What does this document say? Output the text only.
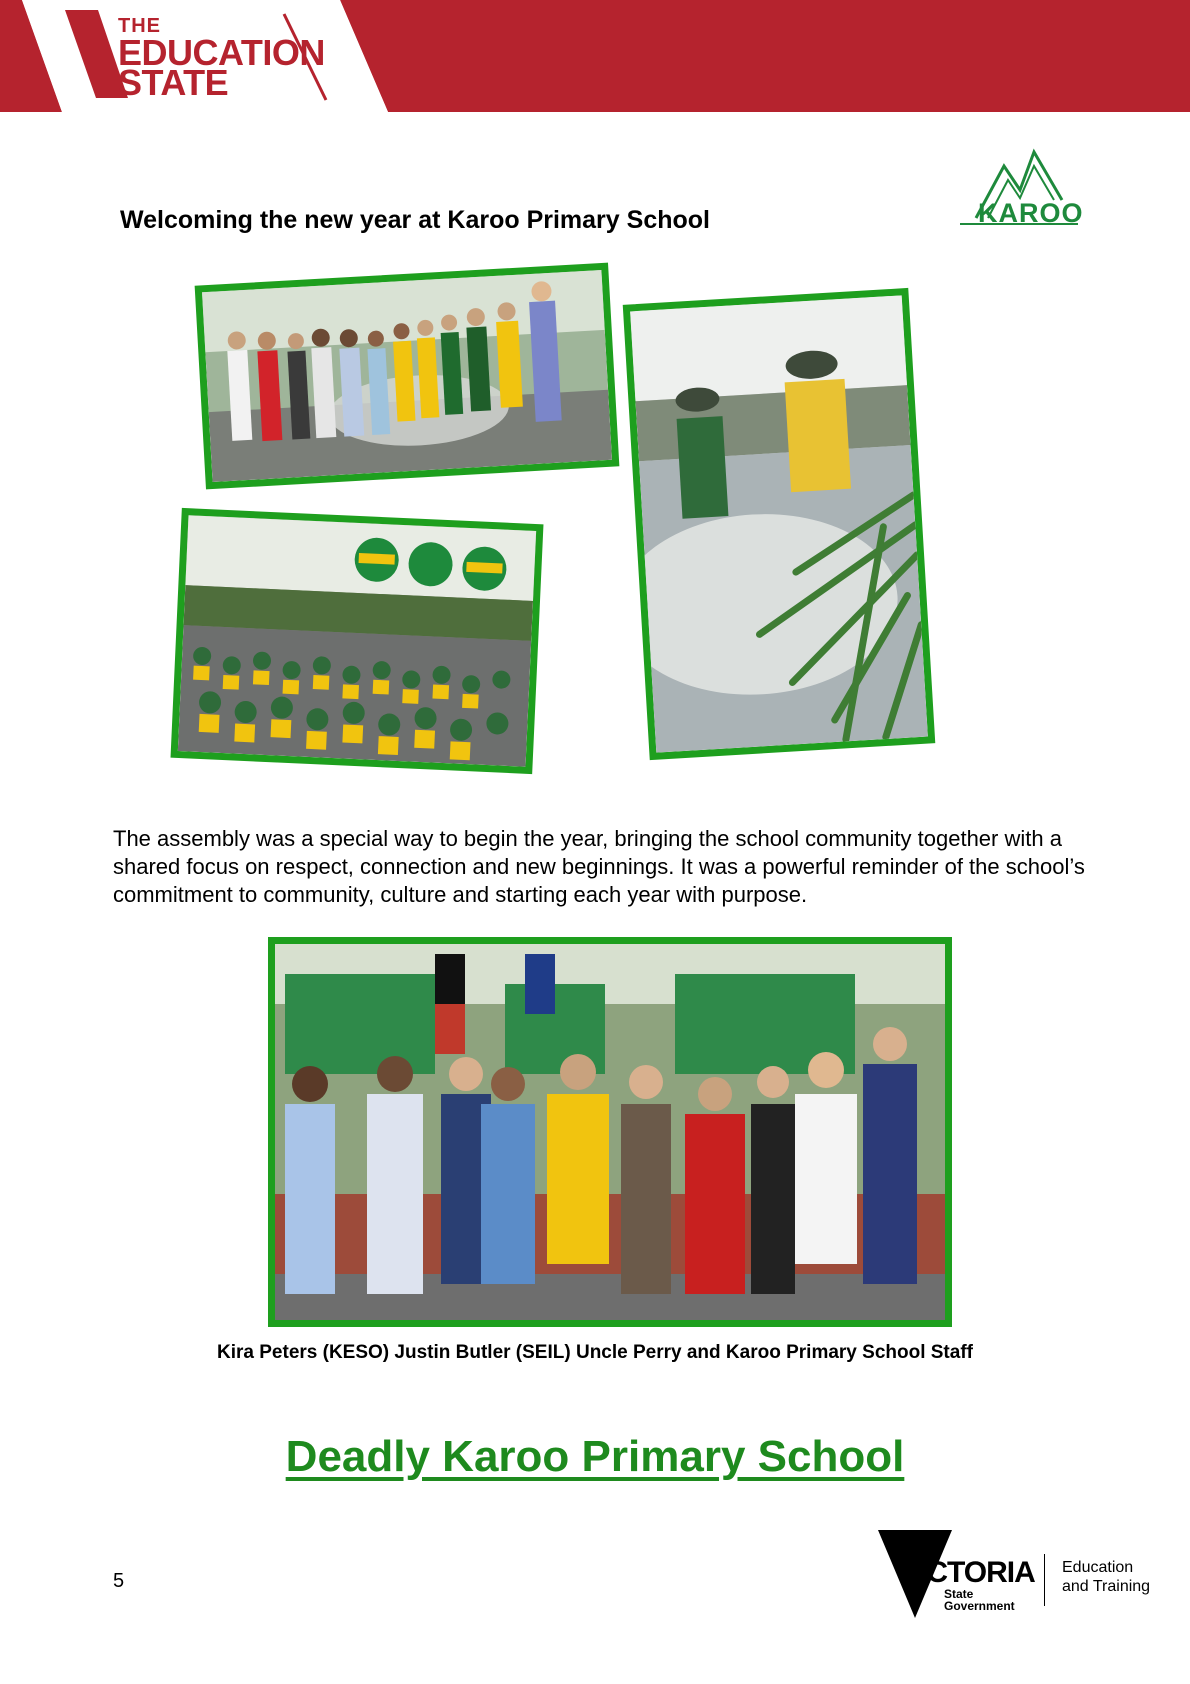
THE
EDUCATION
STATE
Welcoming the new year at Karoo Primary School	KAROO
The assembly was a special way to begin the year, bringing the school community together with a shared focus on respect, connection and new beginnings. It was a powerful reminder of the school’s commitment to community, culture and starting each year with purpose.
Kira Peters (KESO) Justin Butler (SEIL) Uncle Perry and Karoo Primary School Staff
Deadly Karoo Primary School
5	VICTORIA
State
Government
Education
and Training
